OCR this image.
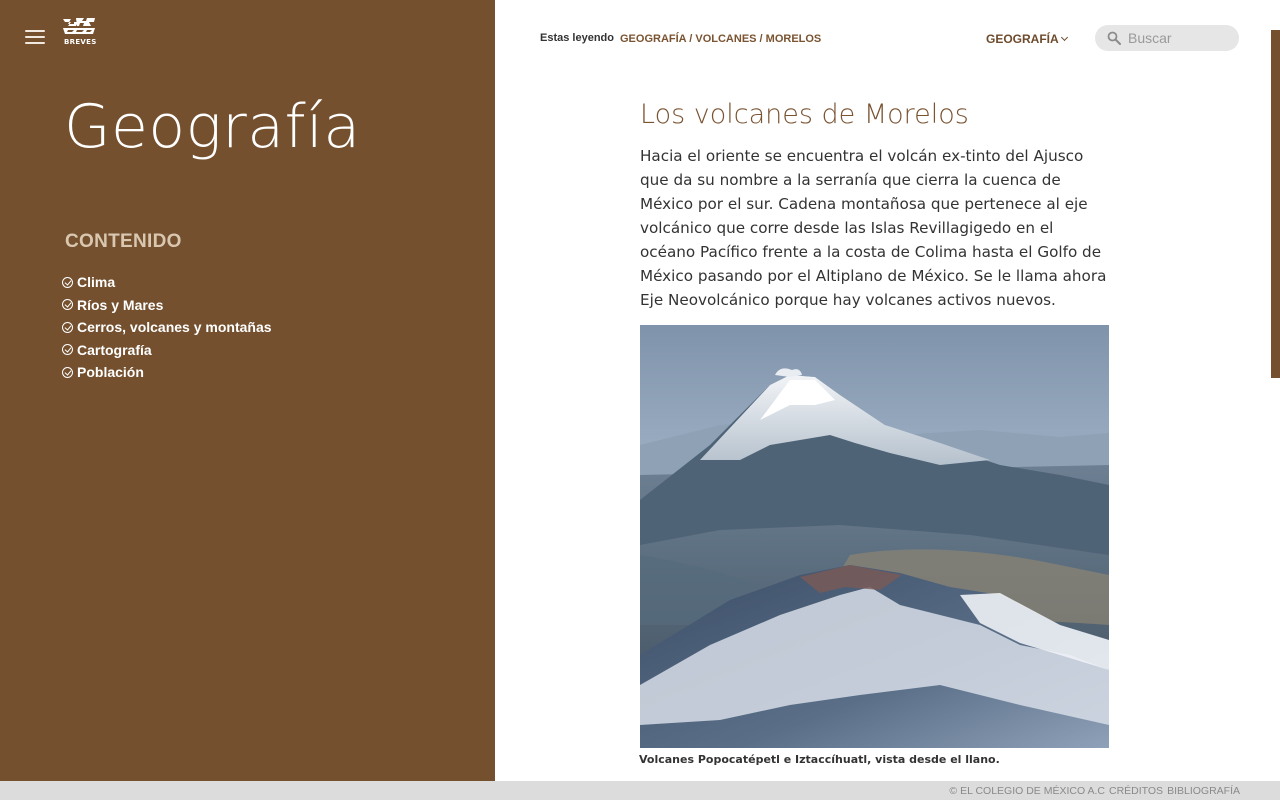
BREVES
Geografía
CONTENIDO
Clima
Ríos y Mares
Cerros, volcanes y montañas
Cartografía
Población
Estas leyendo GEOGRAFÍA / VOLCANES / MORELOS	GEOGRAFÍA
Buscar
Los volcanes de Morelos

Hacia el oriente se encuentra el volcán ex-tinto del Ajusco que da su nombre a la serranía que cierra la cuenca de México por el sur. Cadena montañosa que pertenece al eje volcánico que corre desde las Islas Revillagigedo en el océano Pacífico frente a la costa de Colima hasta el Golfo de México pasando por el Altiplano de México. Se le llama ahora Eje Neovolcánico porque hay volcanes activos nuevos.

Volcanes Popocatépetl e Iztaccíhuatl, vista desde el llano.
© EL COLEGIO DE MÉXICO A.C CRÉDITOS BIBLIOGRAFÍA
